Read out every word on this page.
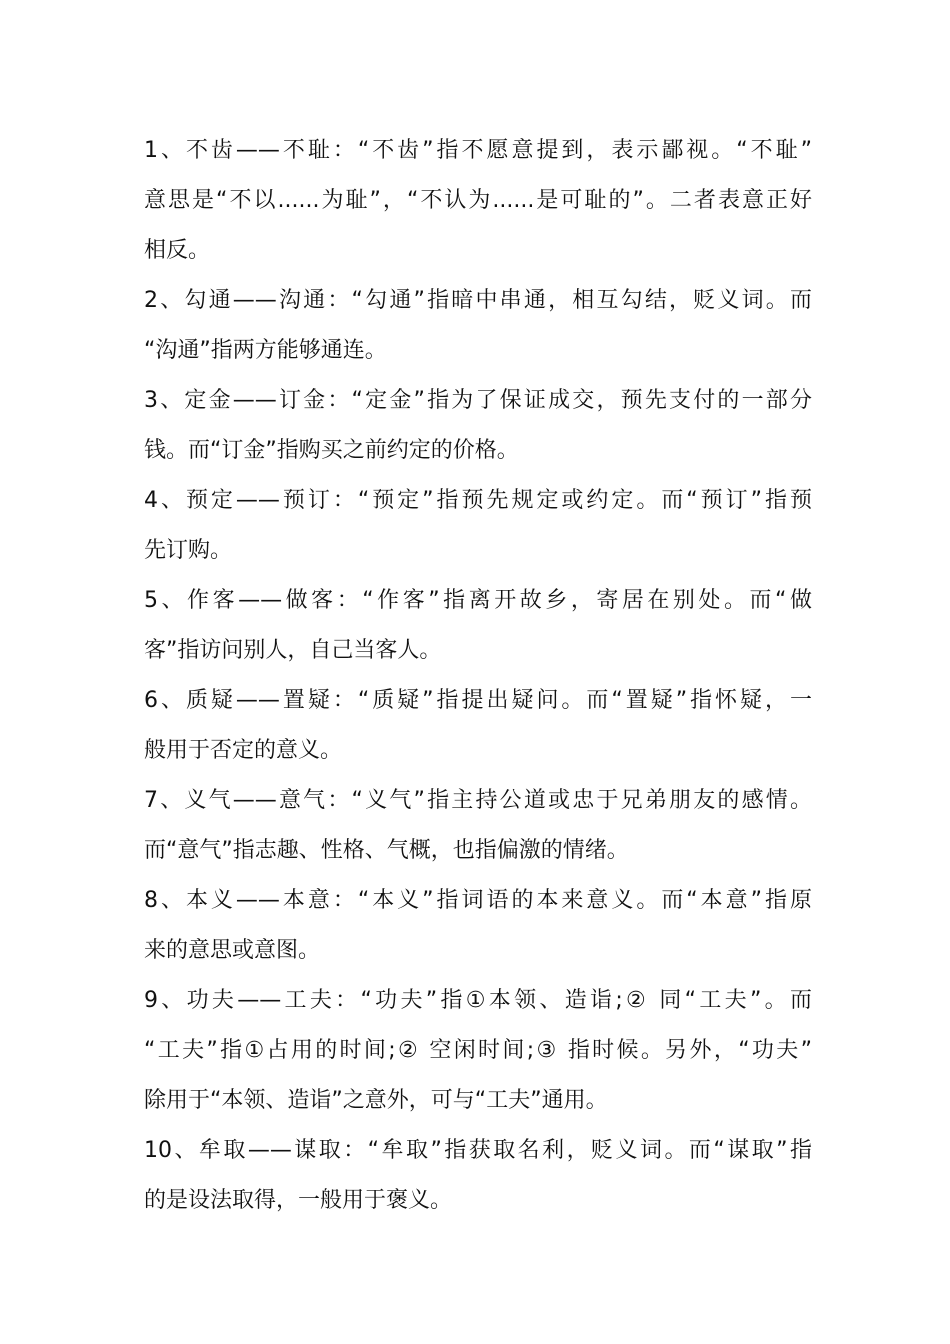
1、不齿——不耻：“不齿”指不愿意提到，表示鄙视。“不耻”
意思是“不以......为耻”，“不认为......是可耻的”。二者表意正好
相反。
2、勾通——沟通：“勾通”指暗中串通，相互勾结，贬义词。而
“沟通”指两方能够通连。
3、定金——订金：“定金”指为了保证成交，预先支付的一部分
钱。而“订金”指购买之前约定的价格。
4、预定——预订：“预定”指预先规定或约定。而“预订”指预
先订购。
5、作客——做客：“作客”指离开故乡，寄居在别处。而“做
客”指访问别人，自己当客人。
6、质疑——置疑：“质疑”指提出疑问。而“置疑”指怀疑，一
般用于否定的意义。
7、义气——意气：“义气”指主持公道或忠于兄弟朋友的感情。
而“意气”指志趣、性格、气概，也指偏激的情绪。
8、本义——本意：“本义”指词语的本来意义。而“本意”指原
来的意思或意图。
9、功夫——工夫：“功夫”指①本领、造诣;② 同“工夫”。而
“工夫”指①占用的时间;② 空闲时间;③ 指时候。另外，“功夫”
除用于“本领、造诣”之意外，可与“工夫”通用。
10、牟取——谋取：“牟取”指获取名利，贬义词。而“谋取”指
的是设法取得，一般用于褒义。
